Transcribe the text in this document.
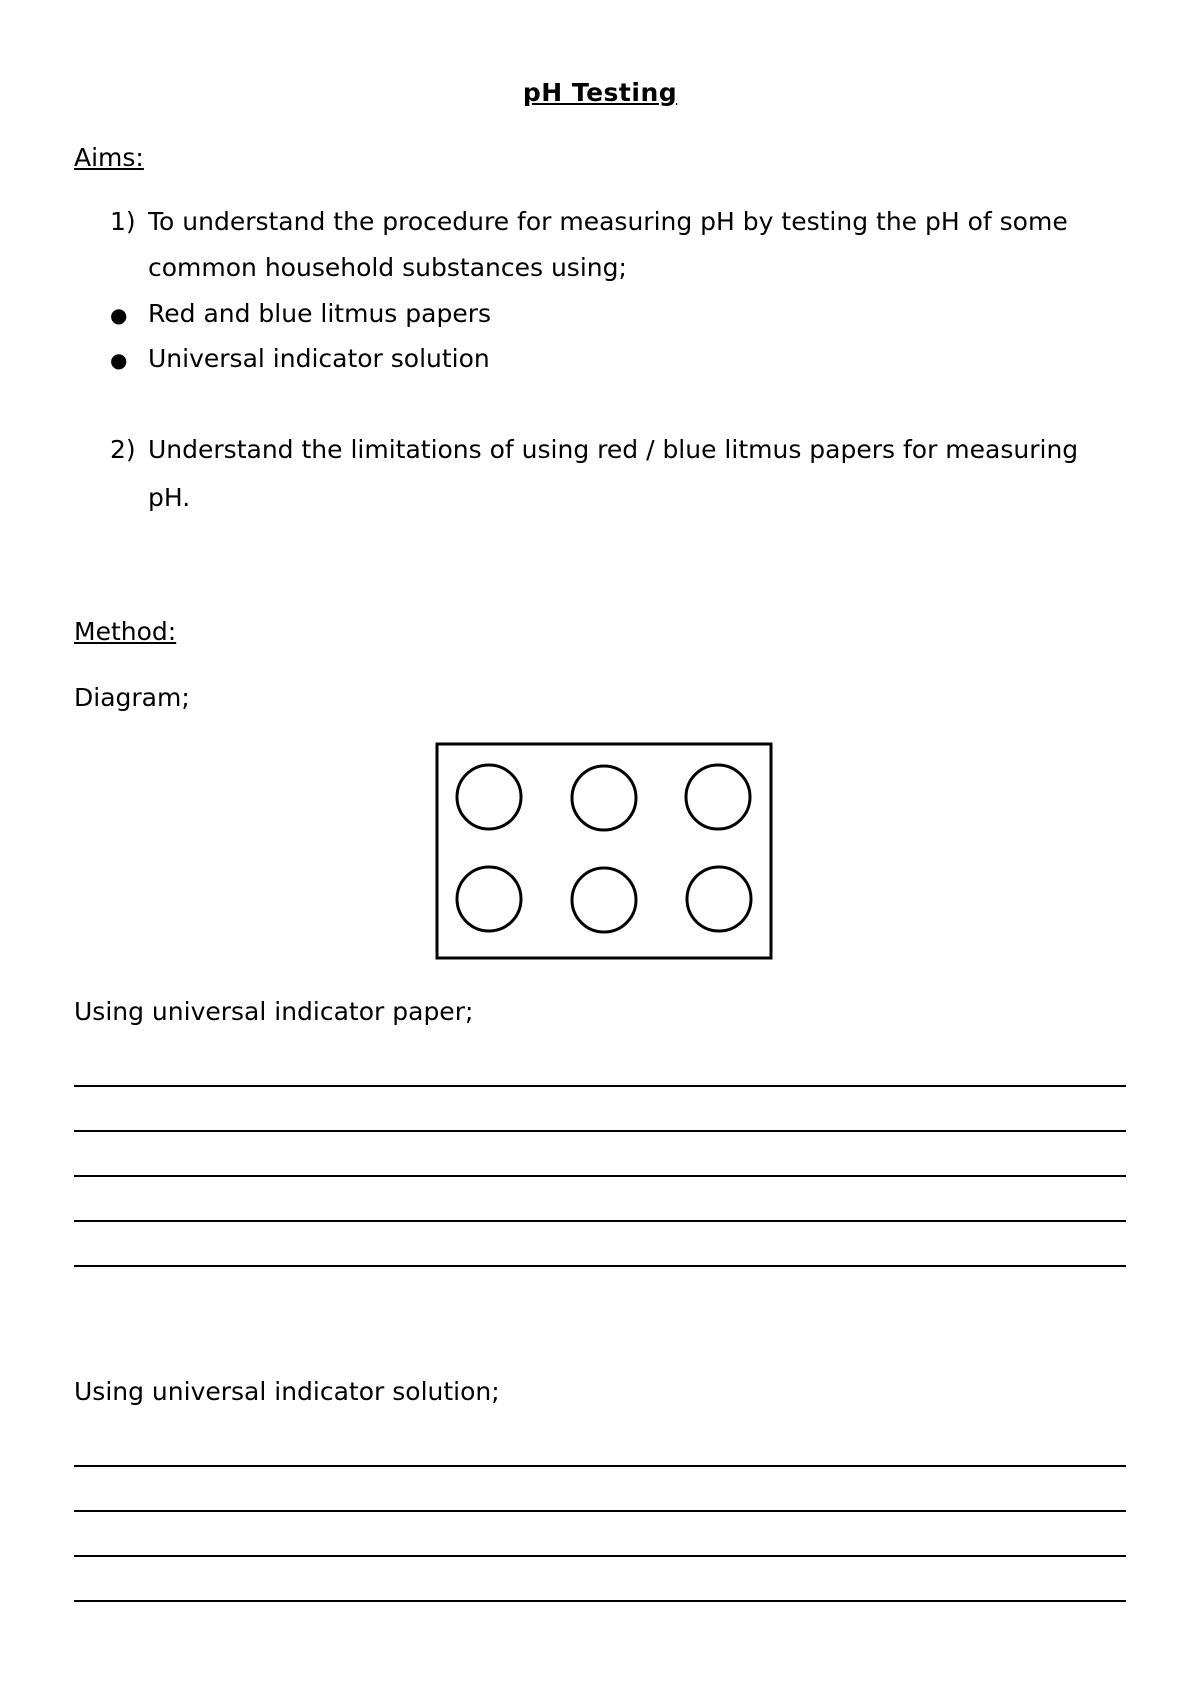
pH Testing
Aims:
1) To understand the procedure for measuring pH by testing the pH of some
common household substances using;
● Red and blue litmus papers
● Universal indicator solution
2) Understand the limitations of using red / blue litmus papers for measuring
pH.
Method:
Diagram;
Using universal indicator paper;
Using universal indicator solution;
